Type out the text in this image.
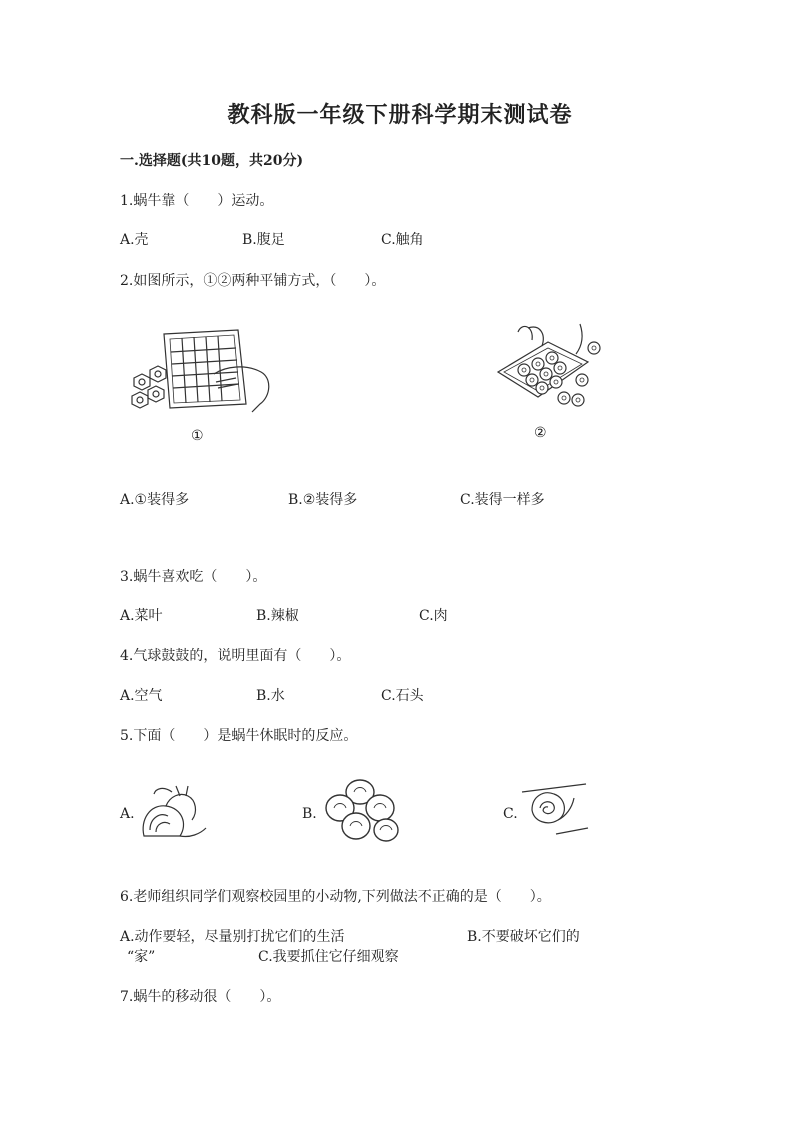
教科版一年级下册科学期末测试卷
一.选择题(共10题，共20分)
1.蜗牛靠（　　）运动。
A.壳	B.腹足	C.触角
2.如图所示，①②两种平铺方式，（　　）。
①	②
A.①装得多	B.②装得多	C.装得一样多
3.蜗牛喜欢吃（　　）。
A.菜叶	B.辣椒	C.肉
4.气球鼓鼓的，说明里面有（　　）。
A.空气	B.水	C.石头
5.下面（　　）是蜗牛休眠时的反应。
A.	B.	C.
6.老师组织同学们观察校园里的小动物,下列做法不正确的是（　　）。
A.动作要轻，尽量别打扰它们的生活	B.不要破坏它们的
“家”	C.我要抓住它仔细观察
7.蜗牛的移动很（　　）。
